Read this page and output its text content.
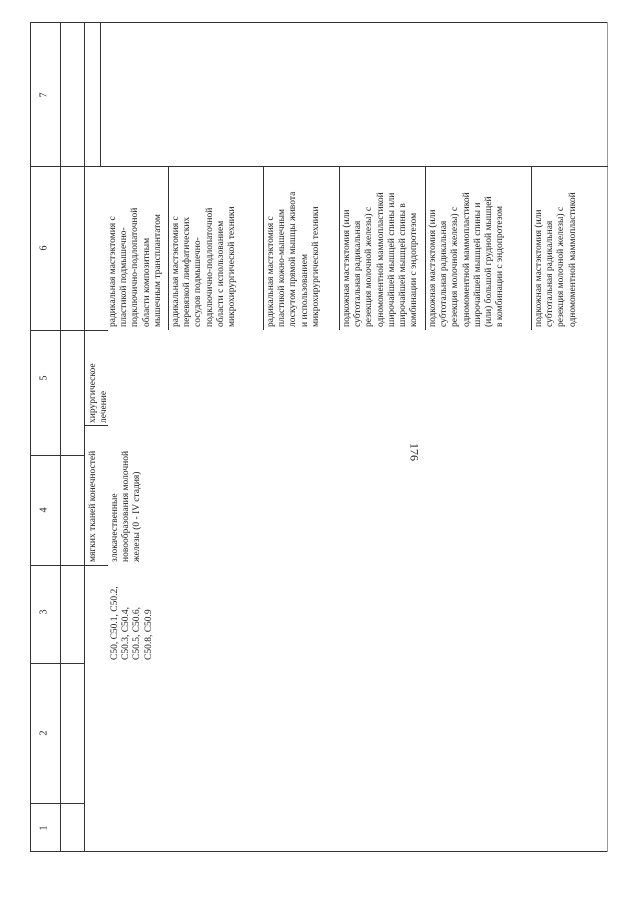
176
1
2
3
4
5
6
7
мягких тканей конечностей
C50, C50.1, C50.2,
C50.3, C50.4,
C50.5, C50.6,
C50.8, C50.9
злокачественные
новообразования молочной
железы (0 - IV стадия)
хирургическое
лечение
радикальная мастэктомия с
пластикой подмышечно-
подключично-подлопаточной
области композитным
мышечным трансплантатом
радикальная мастэктомия с
перевязкой лимфатических
сосудов подмышечно-
подключично-подлопаточной
области с использованием
микрохирургической техники
радикальная мастэктомия с
пластикой кожно-мышечным
лоскутом прямой мышцы живота
и использованием
микрохирургической техники
подкожная мастэктомия (или
субтотальная радикальная
резекция молочной железы) с
одномоментной маммопластикой
широчайшей мышцей спины или
широчайшей мышцей спины в
комбинации с эндопротезом
подкожная мастэктомия (или
субтотальная радикальная
резекция молочной железы) с
одномоментной маммопластикой
широчайшей мышцей спины и
(или) большой грудной мышцей
в комбинации с эндопротезом
подкожная мастэктомия (или
субтотальная радикальная
резекция молочной железы) с
одномоментной маммопластикой
